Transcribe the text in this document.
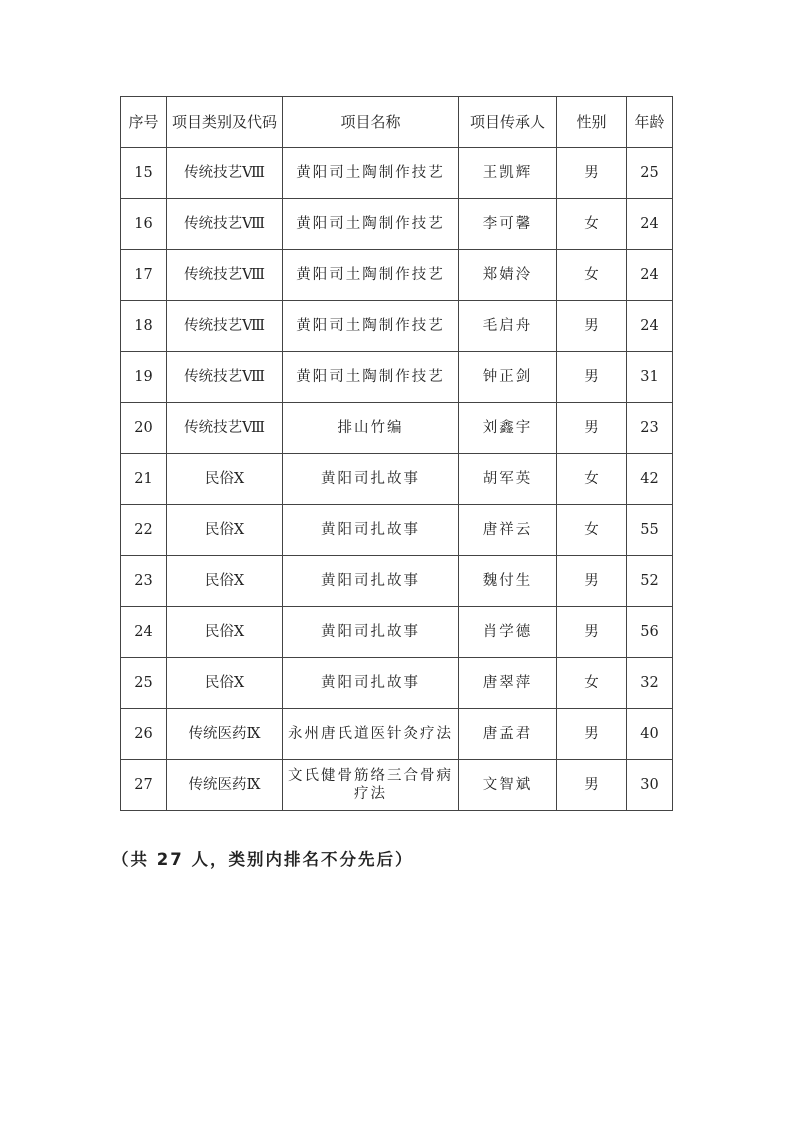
序号	项目类别及代码	项目名称	项目传承人	性别	年龄
15	传统技艺Ⅷ	黄阳司土陶制作技艺	王凯辉	男	25
16	传统技艺Ⅷ	黄阳司土陶制作技艺	李可馨	女	24
17	传统技艺Ⅷ	黄阳司土陶制作技艺	郑婧泠	女	24
18	传统技艺Ⅷ	黄阳司土陶制作技艺	毛启舟	男	24
19	传统技艺Ⅷ	黄阳司土陶制作技艺	钟正剑	男	31
20	传统技艺Ⅷ	排山竹编	刘鑫宇	男	23
21	民俗Ⅹ	黄阳司扎故事	胡军英	女	42
22	民俗Ⅹ	黄阳司扎故事	唐祥云	女	55
23	民俗Ⅹ	黄阳司扎故事	魏付生	男	52
24	民俗Ⅹ	黄阳司扎故事	肖学德	男	56
25	民俗Ⅹ	黄阳司扎故事	唐翠萍	女	32
26	传统医药Ⅸ	永州唐氏道医针灸疗法	唐孟君	男	40
27	传统医药Ⅸ	文氏健骨筋络三合骨病疗法	文智斌	男	30
（共 27 人，类别内排名不分先后）
